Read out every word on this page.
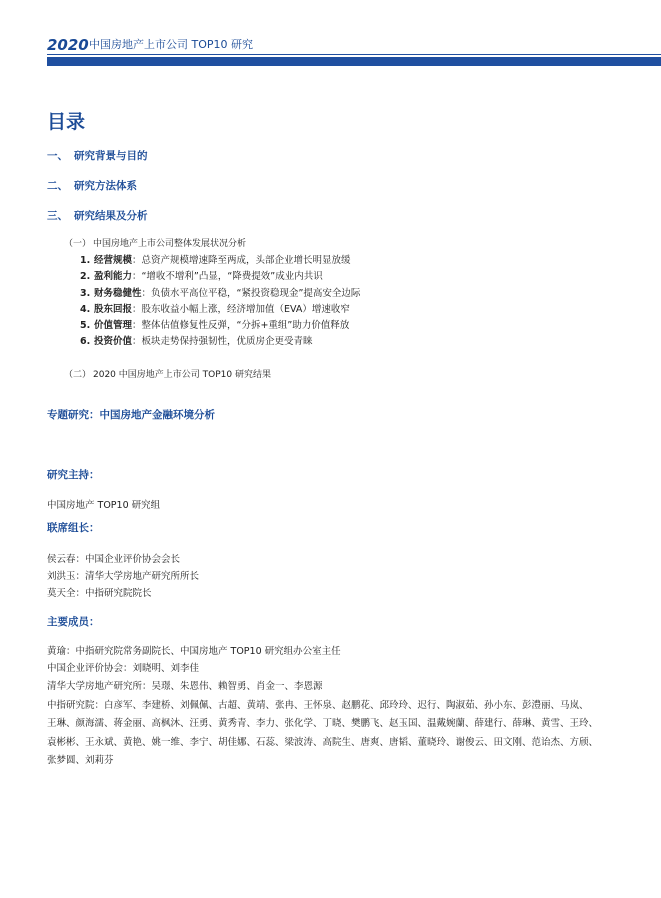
2020 中国房地产上市公司 TOP10 研究
目录
一、 研究背景与目的
二、 研究方法体系
三、 研究结果及分析
（一） 中国房地产上市公司整体发展状况分析
1. 经营规模：总资产规模增速降至两成，头部企业增长明显放缓
2. 盈利能力：“增收不增利”凸显，“降费提效”成业内共识
3. 财务稳健性：负债水平高位平稳，“紧投资稳现金”提高安全边际
4. 股东回报：股东收益小幅上涨，经济增加值（EVA）增速收窄
5. 价值管理：整体估值修复性反弹，“分拆+重组”助力价值释放
6. 投资价值：板块走势保持强韧性，优质房企更受青睐
（二） 2020 中国房地产上市公司 TOP10 研究结果
专题研究：中国房地产金融环境分析
研究主持：
中国房地产 TOP10 研究组
联席组长：
侯云春：中国企业评价协会会长
刘洪玉：清华大学房地产研究所所长
莫天全：中指研究院院长
主要成员：
黄瑜：中指研究院常务副院长、中国房地产 TOP10 研究组办公室主任
中国企业评价协会：刘晓明、刘李佳
清华大学房地产研究所：吴璟、朱恩伟、赖智勇、肖金一、李恩源
中指研究院：白彦军、李建桥、刘佩佩、古超、黄靖、张冉、王怀泉、赵鹏花、邱玲玲、迟行、陶淑茹、孙小东、彭澧丽、马岚、
王琳、颜海濡、蒋金丽、高枫沐、汪勇、黄秀青、李力、张化学、丁晓、樊鹏飞、赵玉国、温戴婉蘭、薛建行、薛琳、黄雪、王玲、
袁彬彬、王永斌、黄艳、姚一维、李宁、胡佳娜、石蕊、梁波涛、高院生、唐爽、唐韬、董晓玲、谢俊云、田文刚、范诒杰、方颀、
张梦圆、刘莉芬
